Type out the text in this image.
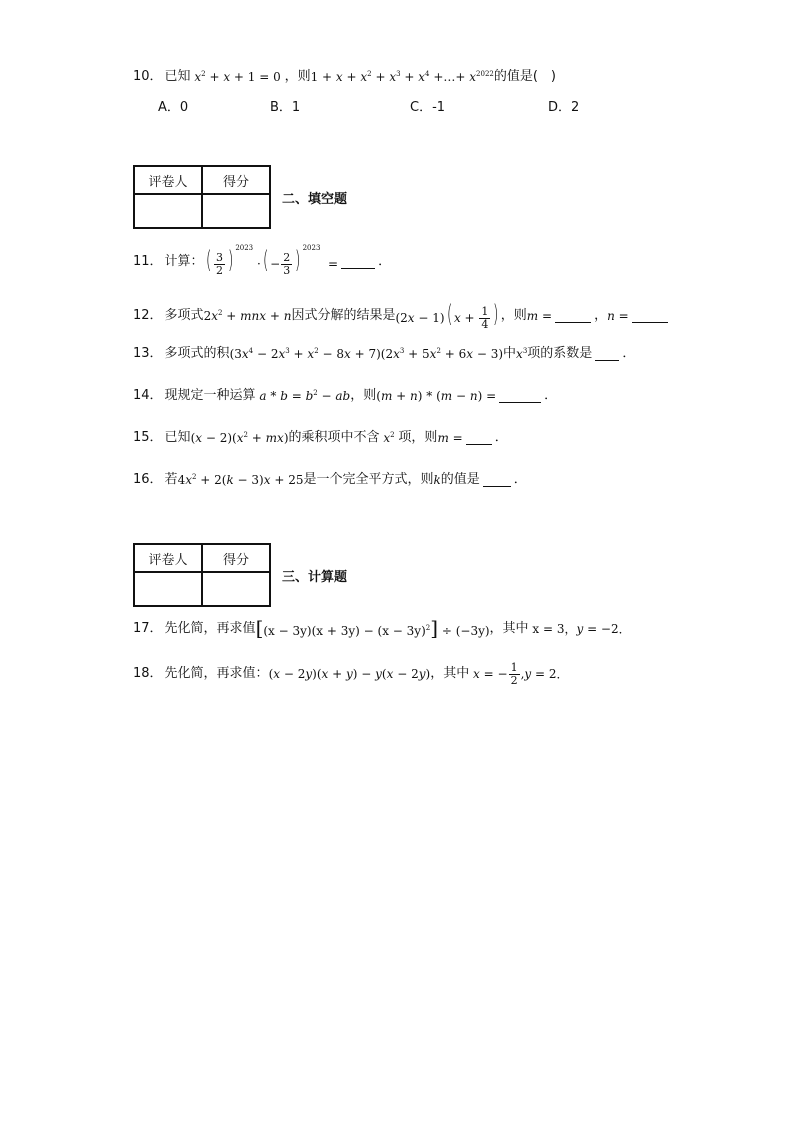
10． 已知 $x^2 + x + 1 = 0$ ，则 $1 + x + x^2 + x^3 + x^4$ +…+ $x^{2022}$ 的值是(　)
A．0	B．1	C．-1	D．2
评卷人	得分

二、填空题
11． 计算： ( $\frac{3}{2}$ ) $^{2023}$ ·( − $\frac{2}{3}$ ) $^{2023}$  =	．
12． 多项式 $2x^2$ + mnx + n 因式分解的结果是 (2x − 1)( $x + \frac{1}{4}$ ) ，则 m =	， n =
13． 多项式的积 $(3x^4 - 2x^3 + x^2 - 8x + 7)(2x^3 + 5x^2 + 6x - 3)$ 中 $x^3$ 项的系数是 ．
14． 现规定一种运算 $a * b = b^2$ − ab ，则 (m + n) * (m − n) =	．
15． 已知 $(x - 2)(x^2 + mx)$ 的乘积项中不含 $x^2$ 项，则 m = ．
16． 若 $4x^2 + 2(k - 3)x + 25$ 是一个完全平方式，则 k 的值是	．
评卷人	得分

三、计算题
17． 先化简，再求值 $[(x - 3y)(x + 3y) - (x - 3y)^2] \div (-3y)$ ，其中 x = 3，y = −2．
18． 先化简，再求值： (x − 2y)(x + y) − y(x − 2y) ，其中 x = − $\frac{1}{2} ,y = 2$．
